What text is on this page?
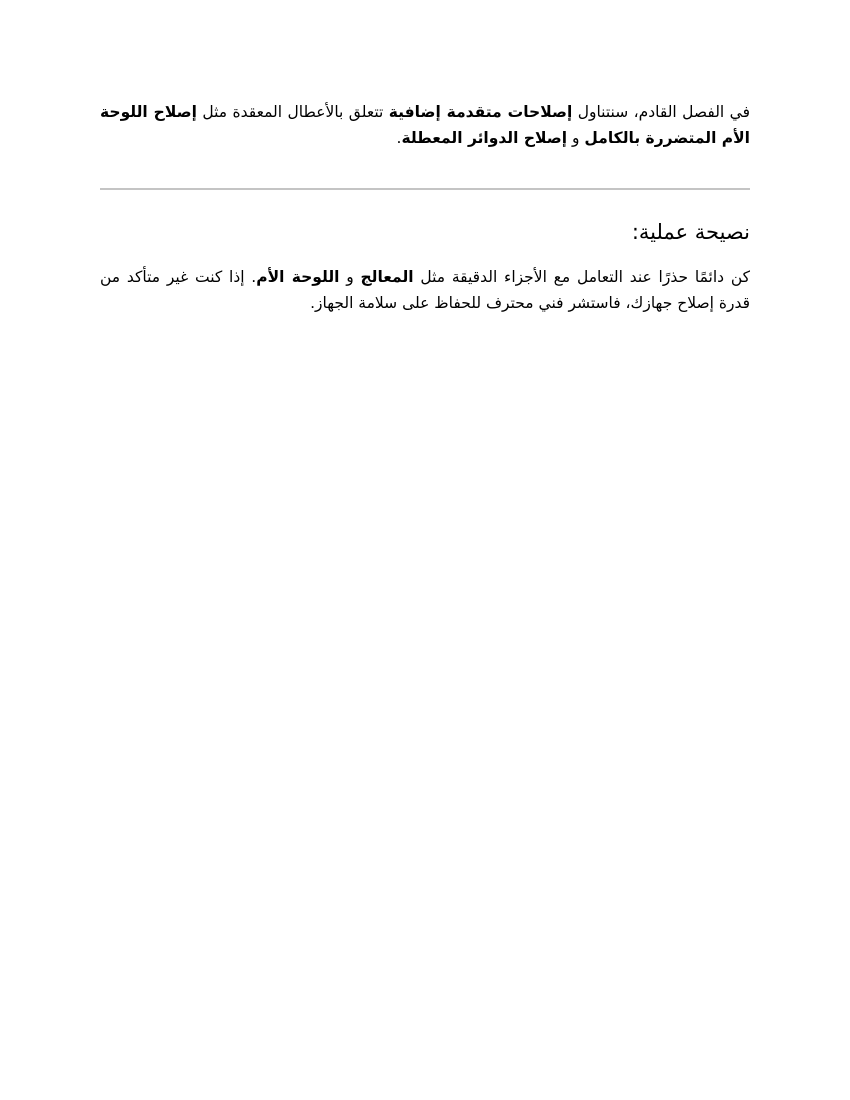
في الفصل القادم، سنتناول إصلاحات متقدمة إضافية تتعلق بالأعطال المعقدة مثل إصلاح اللوحة الأم المتضررة بالكامل و إصلاح الدوائر المعطلة.

نصيحة عملية:

كن دائمًا حذرًا عند التعامل مع الأجزاء الدقيقة مثل المعالج و اللوحة الأم. إذا كنت غير متأكد من قدرة إصلاح جهازك، فاستشر فني محترف للحفاظ على سلامة الجهاز.
